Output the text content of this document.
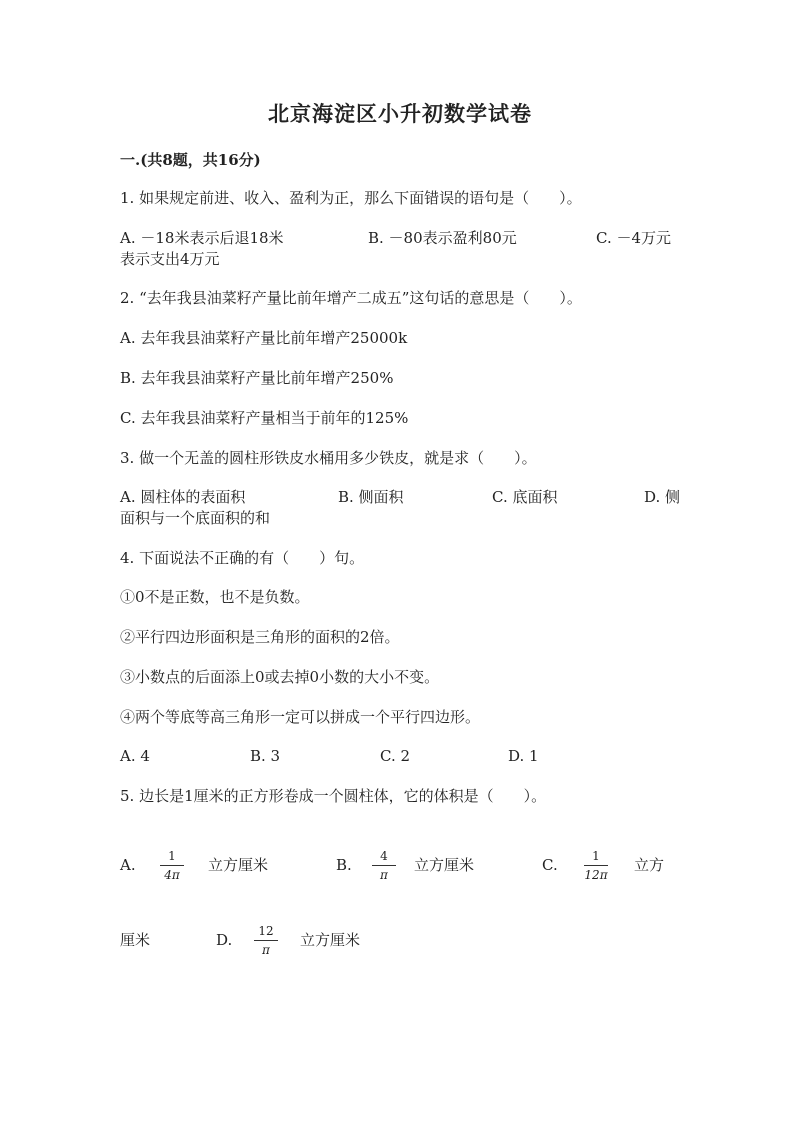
北京海淀区小升初数学试卷
一.(共8题，共16分)
1. 如果规定前进、收入、盈利为正，那么下面错误的语句是（　　）。
A. －18米表示后退18米	B. －80表示盈利80元	C. －4万元
表示支出4万元
2. “去年我县油菜籽产量比前年增产二成五”这句话的意思是（　　）。
A. 去年我县油菜籽产量比前年增产25000k
B. 去年我县油菜籽产量比前年增产250%
C. 去年我县油菜籽产量相当于前年的125%
3. 做一个无盖的圆柱形铁皮水桶用多少铁皮，就是求（　　）。
A. 圆柱体的表面积	B. 侧面积	C. 底面积	D. 侧
面积与一个底面积的和
4. 下面说法不正确的有（　　）句。
①0不是正数，也不是负数。
②平行四边形面积是三角形的面积的2倍。
③小数点的后面添上0或去掉0小数的大小不变。
④两个等底等高三角形一定可以拼成一个平行四边形。
A. 4	B. 3	C. 2	D. 1
5. 边长是1厘米的正方形卷成一个圆柱体，它的体积是（　　）。
A.	1
4π
立方厘米	B.	4
π
立方厘米	C.	1
12π
立方
厘米	D.	12
π
立方厘米
